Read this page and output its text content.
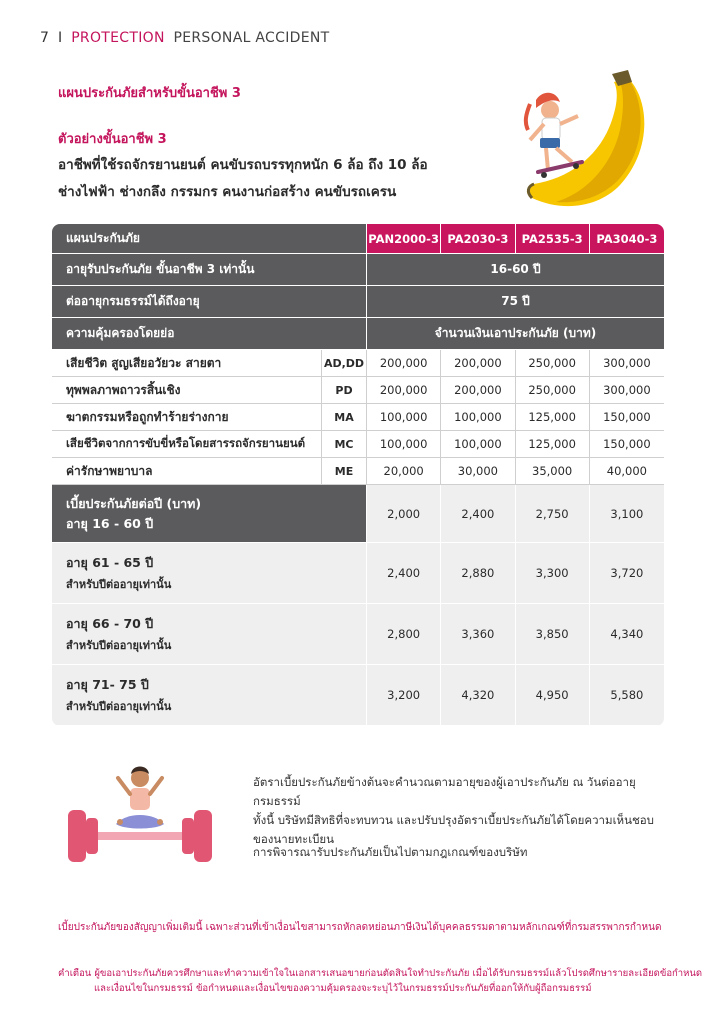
7 I PROTECTION PERSONAL ACCIDENT
แผนประกันภัยสำหรับขั้นอาชีพ 3
ตัวอย่างขั้นอาชีพ 3
อาชีพที่ใช้รถจักรยานยนต์ คนขับรถบรรทุกหนัก 6 ล้อ ถึง 10 ล้อ
ช่างไฟฟ้า ช่างกลึง กรรมกร คนงานก่อสร้าง คนขับรถเครน
แผนประกันภัย	PAN2000-3 PA2030-3	PA2535-3	PA3040-3
อายุรับประกันภัย ขั้นอาชีพ 3 เท่านั้น	16-60 ปี
ต่ออายุกรมธรรม์ได้ถึงอายุ	75 ปี
ความคุ้มครองโดยย่อ	จำนวนเงินเอาประกันภัย (บาท)
เสียชีวิต สูญเสียอวัยวะ สายตา	AD,DD	200,000	200,000	250,000	300,000
ทุพพลภาพถาวรสิ้นเชิง	PD	200,000	200,000	250,000	300,000
ฆาตกรรมหรือถูกทำร้ายร่างกาย	MA	100,000	100,000	125,000	150,000
เสียชีวิตจากการขับขี่หรือโดยสารรถจักรยานยนต์	MC	100,000	100,000	125,000	150,000
ค่ารักษาพยาบาล	ME	20,000	30,000	35,000	40,000
เบี้ยประกันภัยต่อปี (บาท)
อายุ 16 - 60 ปี
2,000	2,400	2,750	3,100
อายุ 61 - 65 ปี
สำหรับปีต่ออายุเท่านั้น
2,400	2,880	3,300	3,720
อายุ 66 - 70 ปี
สำหรับปีต่ออายุเท่านั้น
2,800	3,360	3,850	4,340
อายุ 71- 75 ปี
สำหรับปีต่ออายุเท่านั้น
3,200	4,320	4,950	5,580
อัตราเบี้ยประกันภัยข้างต้นจะคำนวณตามอายุของผู้เอาประกันภัย ณ วันต่ออายุกรมธรรม์
ทั้งนี้ บริษัทมีสิทธิที่จะทบทวน และปรับปรุงอัตราเบี้ยประกันภัยได้โดยความเห็นชอบ
ของนายทะเบียน
การพิจารณารับประกันภัยเป็นไปตามกฎเกณฑ์ของบริษัท
เบี้ยประกันภัยของสัญญาเพิ่มเติมนี้ เฉพาะส่วนที่เข้าเงื่อนไขสามารถหักลดหย่อนภาษีเงินได้บุคคลธรรมดาตามหลักเกณฑ์ที่กรมสรรพากรกำหนด
คำเตือน ผู้ขอเอาประกันภัยควรศึกษาและทำความเข้าใจในเอกสารเสนอขายก่อนตัดสินใจทำประกันภัย เมื่อได้รับกรมธรรม์แล้วโปรดศึกษารายละเอียดข้อกำหนด
และเงื่อนไขในกรมธรรม์ ข้อกำหนดและเงื่อนไขของความคุ้มครองจะระบุไว้ในกรมธรรม์ประกันภัยที่ออกให้กับผู้ถือกรมธรรม์
